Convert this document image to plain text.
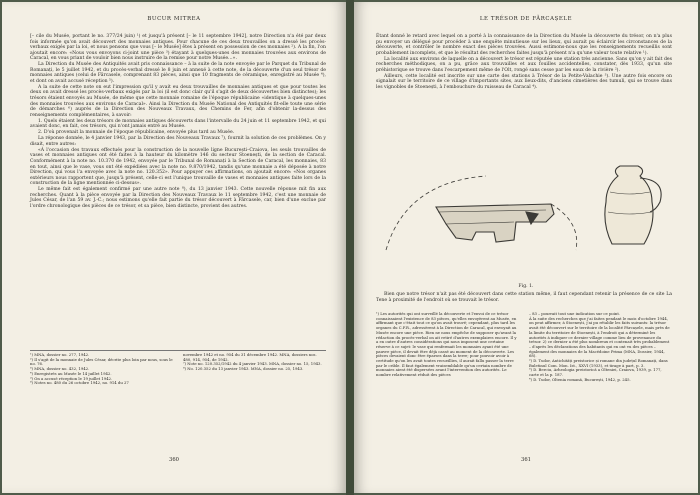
BUCUR MITREA

[– cile du Musée, portant le no. 377/24 juin) ¹) et jusqu'à présent [– le 11 septembre 1942], notre Direction n'a été par deux fois informée qu'on avait découvert des monnaies antiques. Pour chacune de ces deux trouvailles on a dressé les procès-verbaux exigés par la loi, et nous pensons que vous [– le Musée] êtes à présent en possession de ces monnaies ²). A la fin, l'on ajoutait encore: «Nous vous envoyons ci-joint une pièce ³) étayant à quelques-unes des monnaies trouvées aux environs de Caracal, en vous priant de vouloir bien nous instruire de la remise pour notre Musée…».

La Direction du Musée des Antiquités avait pris connaissance – à la suite de la note envoyée par le Parquet du Tribunal de Romanați, le 5 juillet 1942, et du procès-verbal dressé le 8 juin et annexé à cette note, de la découverte d'un seul trésor de monnaies antiques (celui de Fărcasele, comprenant 83 pièces, ainsi que 10 fragments de céramique, enregistré au Musée ⁴), et dont on avait accusé réception ⁵).

A la suite de cette note on eut l'impression qu'il y avait eu deux trouvailles de monnaies antiques et que pour toutes les deux on avait dressé les procès-verbaux exigés par la loi (il est donc clair qu'il s'agit de deux découvertes bien distinctes); les trésors étaient envoyés au Musée, de même que cette monnaie romaine de l'époque républicaine «identique à quelques-unes des monnaies trouvées aux environs de Caracal». Ainsi la Direction du Musée National des Antiquités fit-elle toute une série de démarches ⁶) auprès de la Direction des Nouveaux Travaux, des Chemins de Fer, afin d'obtenir la-dessus des renseignements complémentaires, à savoir:

1. Quels étaient les deux trésors de monnaies antiques découverts dans l'intervalle du 24 juin et 11 septembre 1942, et qui avaient donc, en fait, ces trésors, qui n'ont jamais entré au Musée.

2. D'où provenait la monnaie de l'époque républicaine, envoyée plus tard au Musée.

La réponse donnée, le 4 janvier 1943, par la Direction des Nouveaux Travaux ⁷), fournit la solution de ces problèmes. On y disait, entre autres:

«À l'occasion des travaux effectués pour la construction de la nouvelle ligne București–Craiova, les seuls trouvailles de vases et monnaies antiques ont été faites à la hauteur du kilomètre 146 du secteur Stoenești, de la section de Caracal. Conformément à la note no. 10.370 de 1942, envoyée par le Tribunal de Romanați à la Section de Caracal, les monnaies, 83 en tout, ainsi que le vase, vous ont été expédiées avec la note no. 9.870/1942, tandis qu'une monnaie a été déposée à notre Direction, qui vous l'a envoyée avec la note no. 120.352». Pour appuyer ces affirmations, on ajoutait encore: «Nos organes extérieurs nous rapportent que, jusqu'à présent, celle-ci est l'unique trouvaille de vases et monnaies antiques faite lors de la construction de la ligne mentionnée ci-dessus».

Le même fait est également confirmé par une autre note ⁸), du 13 janvier 1943. Cette nouvelle réponse mit fin aux recherches. Quant à la pièce envoyée par la Direction des Nouveaux Travaux le 11 septembre 1942, c'est une monnaie de Jules César, de l'an 59 av. J.-C.; nous estimons qu'elle fait partie du trésor découvert à Fărcasele, car, bien d'une exclue par l'ordre chronologique des pièces de ce trésor, et sa pièce, bien distincte, provient des autres.

¹) MNA, dossier no. 277, 1942.

²) Il s'agit de la monnaie de Jules César, décrite plus loin par nous, sous le no. 76.

³) MNA, dossier no. 432, 1942.

⁴) Enregistrés au Musée le 14 juillet 1942.

⁵) On a accusé réception le 19 juillet 1942.

⁶) Notes no. 480 du 26 octobre 1942, no. 914 du 27

novembre 1942 et no. 954 du 31 décembre 1942. MNA, dossiers nos. 480, 914, 954, de 1942.

⁷) Note no. 120.352/1942 du 4 janvier 1943. MNA, dossier no. 15, 1943.

⁸) No. 120.352 du 13 janvier 1943. MNA, dossier no. 25, 1943.

360
LE TRÉSOR DE FĂRCAȘELE

Étant donné le retard avec lequel on a porté à la connaissance de la Direction du Musée la découverte du trésor, on n'a plus pu envoyer un délégué pour procéder à une enquête minutieuse sur les lieux, qui aurait pu éclaircir les circonstances de la découverte, et contrôler le nombre exact des pièces trouvées. Aussi estimons-nous que les renseignements recueillis sont probablement incomplets, et que le résultat des recherches faites jusqu'à présent n'a qu'une valeur toute relative ¹).

La localité aux environs de laquelle on a découvert le trésor est réputée une station très ancienne. Sans qu'on y ait fait des recherches méthodiques, on a pu, grâce aux trouvailles et aux fouilles accidentelles, constater, dès 1933, qu'un site préhistorique se trouve dans l'escarpement même de l'Olt, rongé sans cesse par les eaux de la rivière ²).

Ailleurs, cette localité est inscrite sur une carte des stations à Trésor de la Petite-Valachie ³). Une autre fois encore on signalait sur le territoire de ce village d'importants sites, aux lieux-dits, d'anciens cimetières des tumuli, qui se trouve dans les vignobles de Stoenești, à l'embouchure du ruisseau de Caracal ⁴).

Fig. 1.

Bien que notre trésor n'ait pas été découvert dans cette station même, il faut cependant retenir la présence de ce site La Tene à proximité de l'endroit où se trouvait le trésor.

¹) Les autorités qui ont surveillé la découverte et l'envoi de ce trésor connaissaient l'existence de 83 pièces, qu'elles envoyèrent au Musée, en affirmant que c'était tout ce qu'on avait trouvé; cependant, plus tard les organes du C.F.R., adressèrent à la Direction de Caracal, qui envoyait au Musée encore une pièce. Rien ne nous empêche de supposer qu'avant la rédaction du procès-verbal on ait retiré d'autres exemplaires encore. Il y a en outre d'autres considérations qui nous imposent une certaine réserve à ce sujet: le vase qui renfermait les monnaies ayant été une pauvre pièce, il devait être déjà cassé au moment de la découverte. Les pièces devaient donc être éparses dans la terre; pour pouvoir avoir à certitude qu'on les avait toutes recueillies, il aurait fallu passer la terre par le crible. Il faut également vraisemblable qu'un certain nombre de monnaies aient été dispersées avant l'intervention des autorités. Le nombre relativement réduit des pièces

– 83 – pourrait tout une indication sur ce point.

À la suite des recherches que j'ai faites pendant le mois d'octobre 1944, on peut affirmer, à Stoenești, j'ai pu rétablir les faits suivants: la trésor avait été découvert sur le territoire de la localité Fărcașele, mais près de la limite du territoire de Stoenești, à l'endroit qui a déterminé les autorités à indiquer ce dernier village comme lieu de provenance du trésor. 2) ce dernier a été plus nombreux et contenait très probablement – d'après les déclarations des habitants qui en ont vu des pièces – également des monnaies de la Macédoine Prima (MNA, Dossier, 1944, 68).

²) D. Tudor, Antichități preistorice și romane din județul Romanați, dans Buletinul Com. Mon. Ist., XXVI (1933), et tirage à part, p. 3.

³) D. Berciu, Arheologia preistorică a Olteniei, Craiova, 1939, p. 177, carte et la p. 187.

⁴) D. Tudor, Oltenia romană, București, 1942, p. 245.

361
